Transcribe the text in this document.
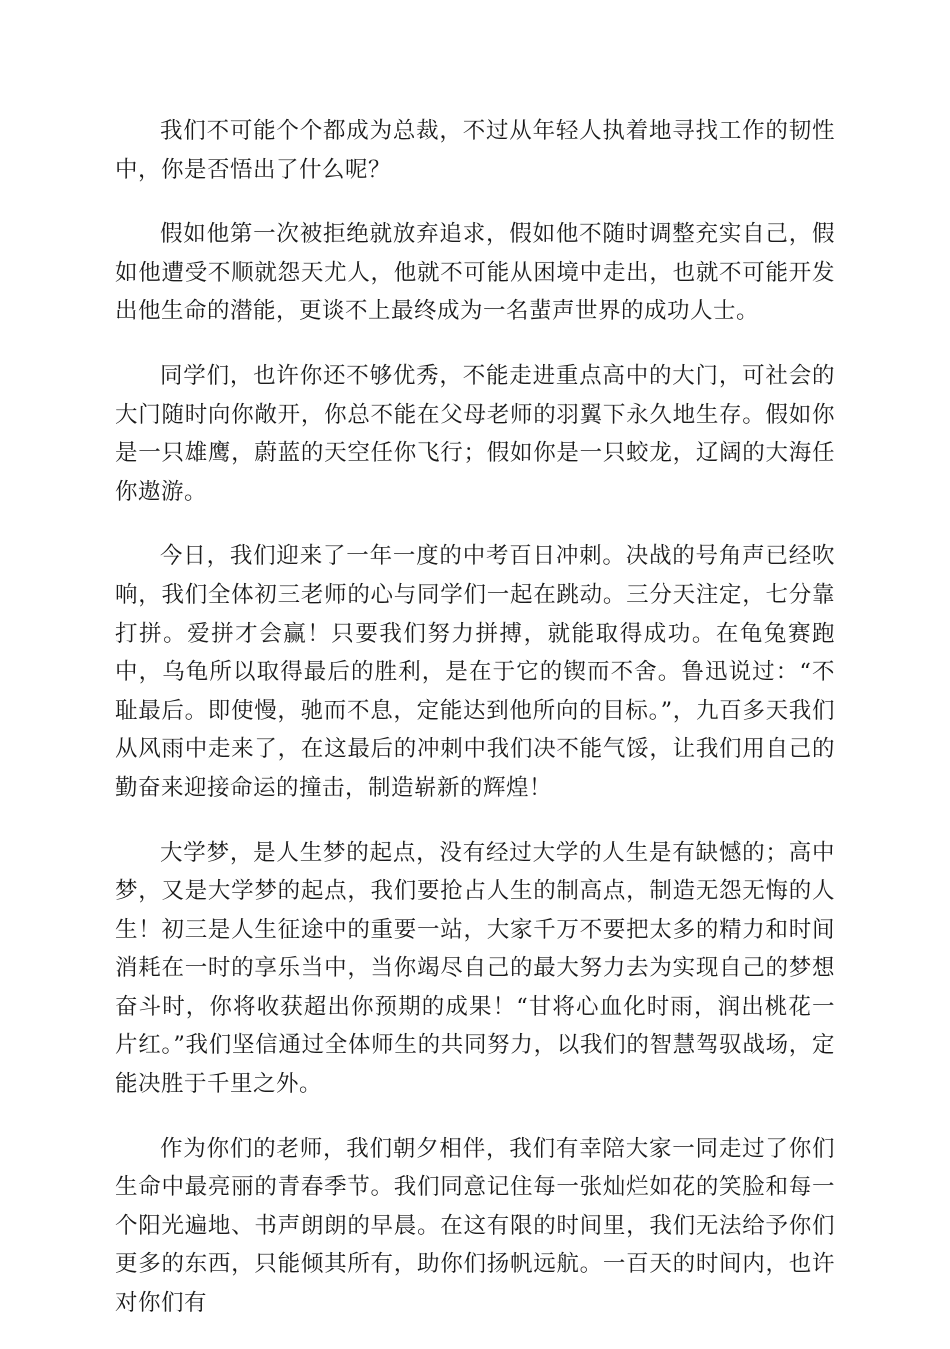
我们不可能个个都成为总裁，不过从年轻人执着地寻找工作的韧性中，你是否悟出了什么呢？

假如他第一次被拒绝就放弃追求，假如他不随时调整充实自己，假如他遭受不顺就怨天尤人，他就不可能从困境中走出，也就不可能开发出他生命的潜能，更谈不上最终成为一名蜚声世界的成功人士。

同学们，也许你还不够优秀，不能走进重点高中的大门，可社会的大门随时向你敞开，你总不能在父母老师的羽翼下永久地生存。假如你是一只雄鹰，蔚蓝的天空任你飞行；假如你是一只蛟龙，辽阔的大海任你遨游。

今日，我们迎来了一年一度的中考百日冲刺。决战的号角声已经吹响，我们全体初三老师的心与同学们一起在跳动。三分天注定，七分靠打拼。爱拼才会赢！只要我们努力拼搏，就能取得成功。在龟兔赛跑中，乌龟所以取得最后的胜利，是在于它的锲而不舍。鲁迅说过：“不耻最后。即使慢，驰而不息，定能达到他所向的目标。”，九百多天我们从风雨中走来了，在这最后的冲刺中我们决不能气馁，让我们用自己的勤奋来迎接命运的撞击，制造崭新的辉煌！

大学梦，是人生梦的起点，没有经过大学的人生是有缺憾的；高中梦，又是大学梦的起点，我们要抢占人生的制高点，制造无怨无悔的人生！初三是人生征途中的重要一站，大家千万不要把太多的精力和时间消耗在一时的享乐当中，当你竭尽自己的最大努力去为实现自己的梦想奋斗时，你将收获超出你预期的成果！“甘将心血化时雨，润出桃花一片红。”我们坚信通过全体师生的共同努力，以我们的智慧驾驭战场，定能决胜于千里之外。

作为你们的老师，我们朝夕相伴，我们有幸陪大家一同走过了你们生命中最亮丽的青春季节。我们同意记住每一张灿烂如花的笑脸和每一个阳光遍地、书声朗朗的早晨。在这有限的时间里，我们无法给予你们更多的东西，只能倾其所有，助你们扬帆远航。一百天的时间内，也许对你们有
